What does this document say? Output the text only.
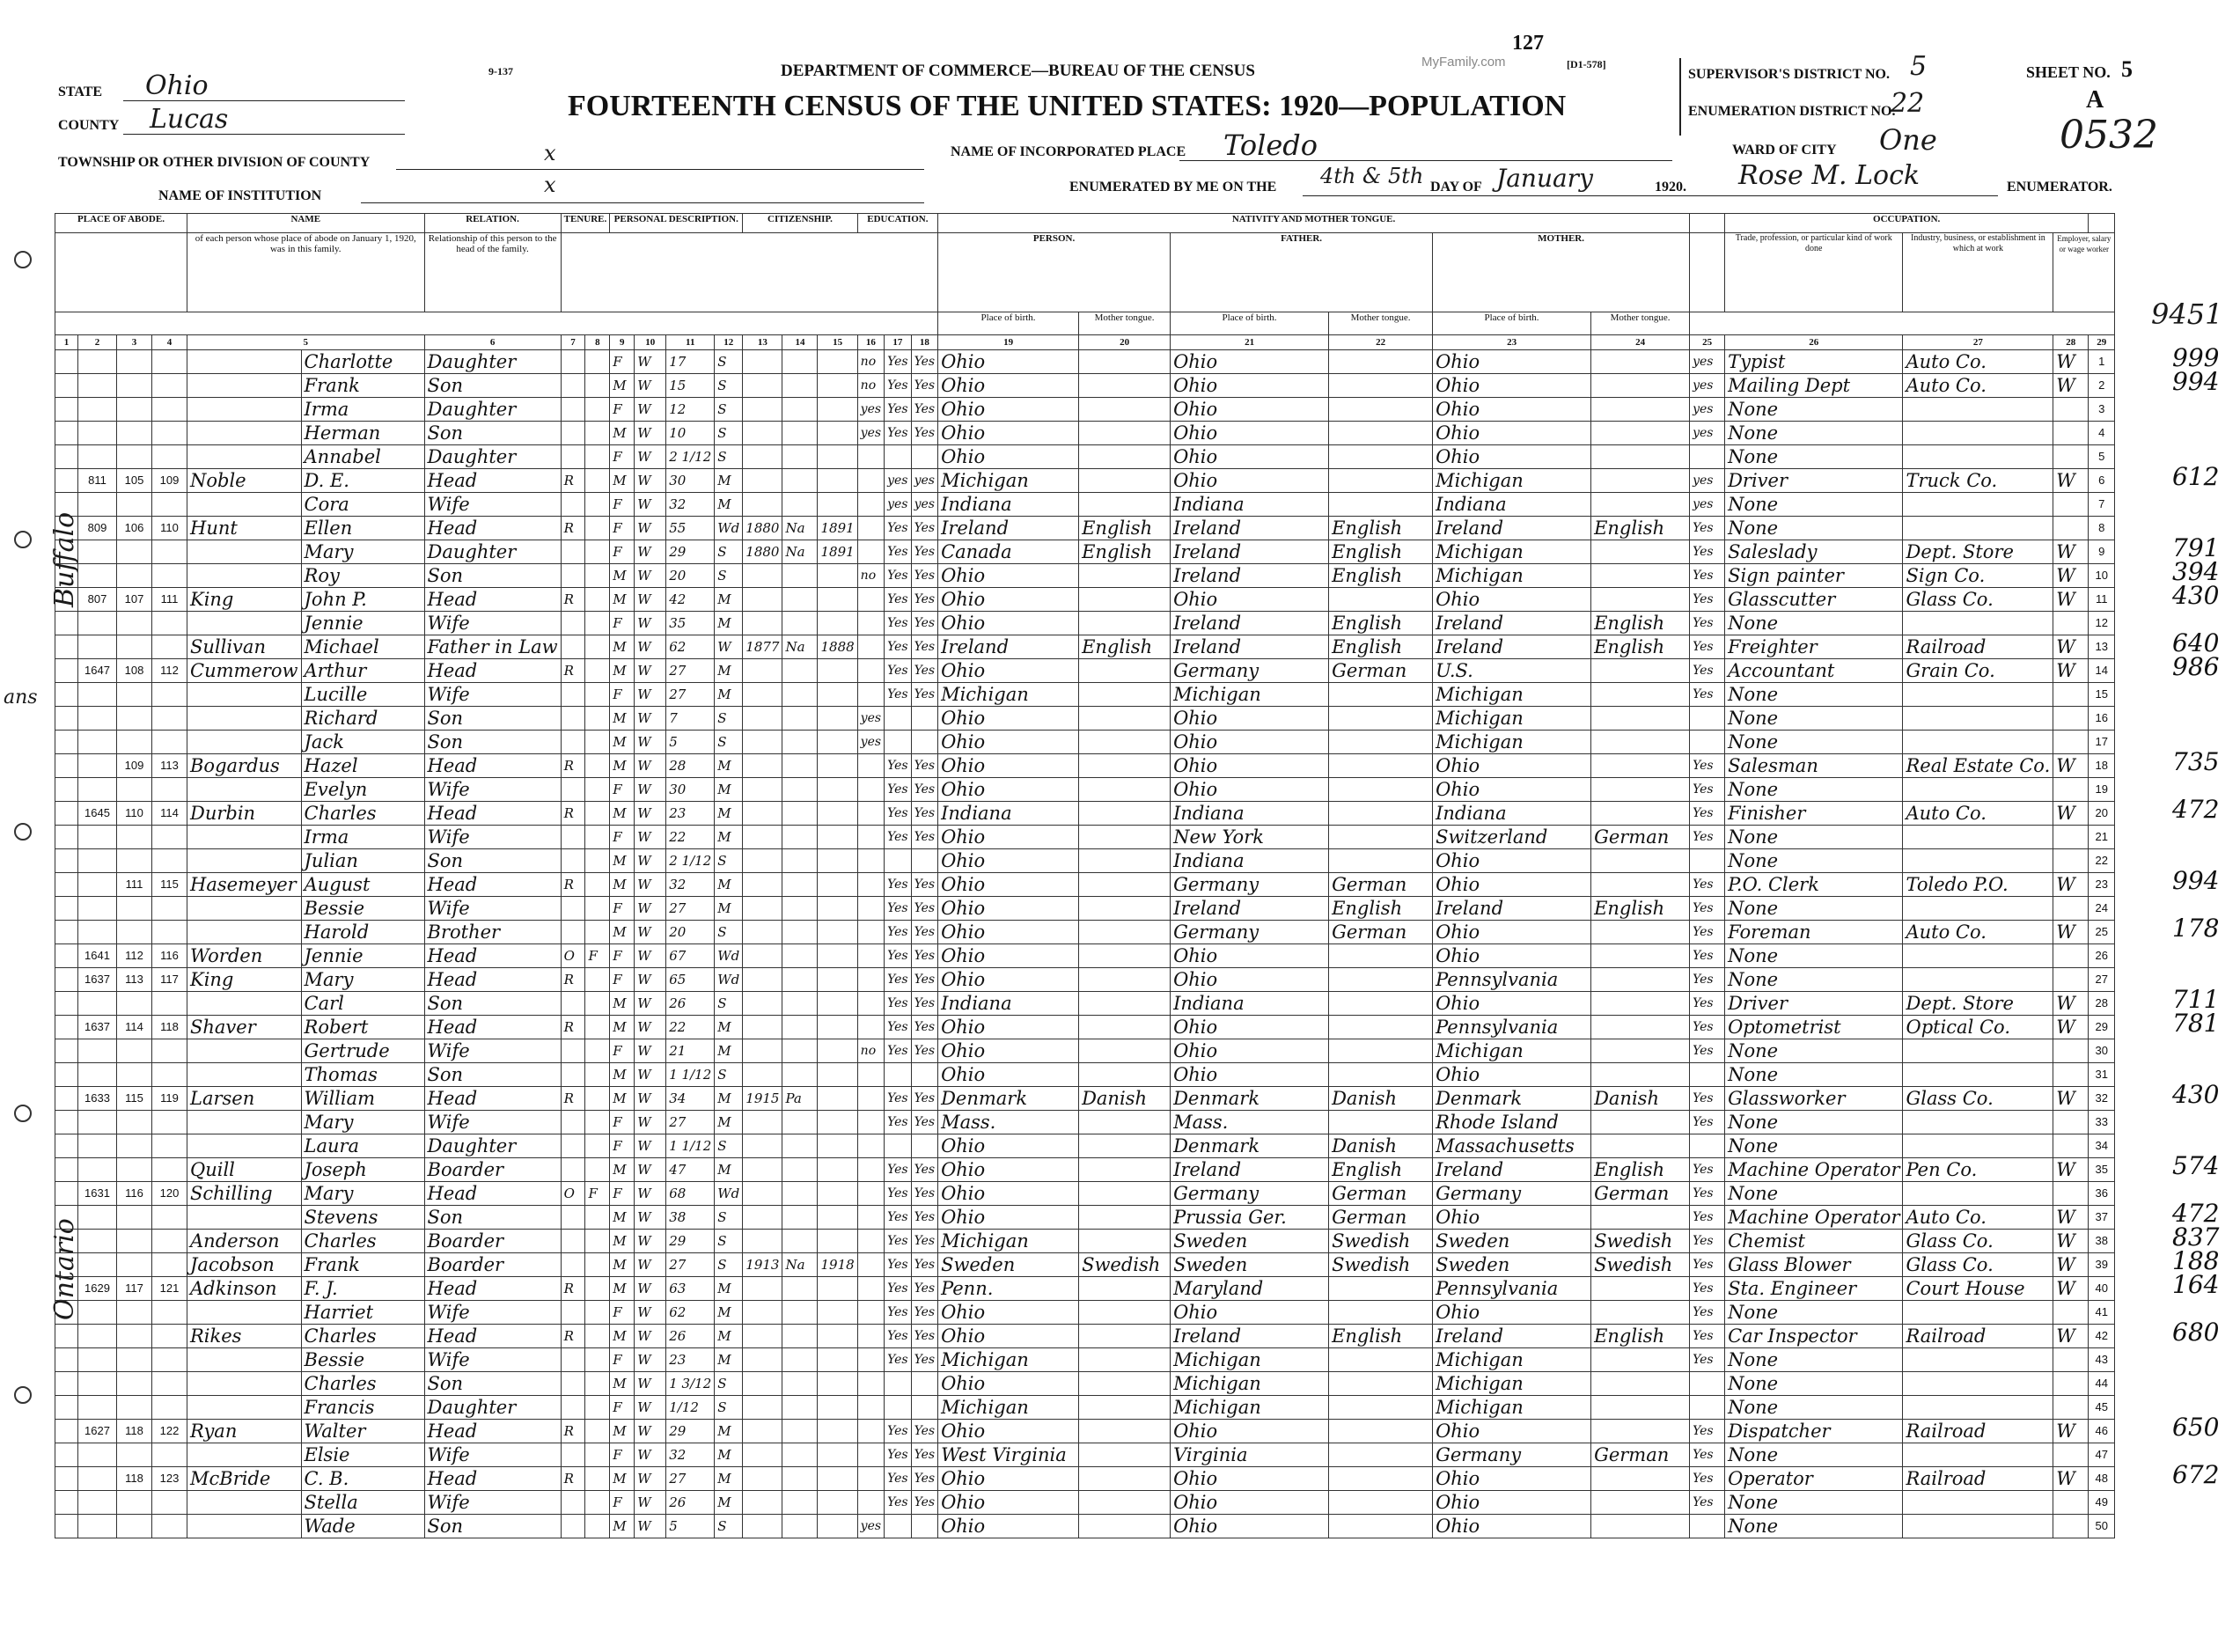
127
9-137	DEPARTMENT OF COMMERCE—BUREAU OF THE CENSUS	MyFamily.com	[D1-578]
FOURTEENTH CENSUS OF THE UNITED STATES: 1920—POPULATION
STATE Ohio
COUNTY Lucas
TOWNSHIP OR OTHER DIVISION OF COUNTY	x
NAME OF INSTITUTION	x
NAME OF INCORPORATED PLACE Toledo
ENUMERATED BY ME ON THE 4th & 5th DAY OF January	1920. Rose M. Lock	ENUMERATOR.
SUPERVISOR'S DISTRICT NO. 5
ENUMERATION DISTRICT NO.
22
SHEET NO. 5
A
0532
WARD OF CITY One
Buffalo
Ontario
ans
9451
PLACE OF ABODE.				NAME		RELATION.	TENURE.		PERSONAL DESCRIPTION.				CITIZENSHIP.			EDUCATION.			NATIVITY AND MOTHER TONGUE.							OCCUPATION.			
				of each person whose place of abode on January 1, 1920, was in this family.		Relationship of this person to the head of the family.													PERSON.		FATHER.		MOTHER.			Trade, profession, or particular kind of work done	Industry, business, or establishment in which at work	Employer, salary or wage worker	
																			Place of birth.	Mother tongue.	Place of birth.	Mother tongue.	Place of birth.	Mother tongue.					
1	2	3	4	5		6	7	8	9	10	11	12	13	14	15	16	17	18	19	20	21	22	23	24	25	26	27	28	29
					Charlotte	Daughter			F	W	17	S				no	Yes	Yes	Ohio		Ohio		Ohio		yes	Typist	Auto Co.	W	1
					Frank	Son			M	W	15	S				no	Yes	Yes	Ohio		Ohio		Ohio		yes	Mailing Dept	Auto Co.	W	2
					Irma	Daughter			F	W	12	S				yes	Yes	Yes	Ohio		Ohio		Ohio		yes	None			3
					Herman	Son			M	W	10	S				yes	Yes	Yes	Ohio		Ohio		Ohio		yes	None			4
					Annabel	Daughter			F	W	2 1/12	S							Ohio		Ohio		Ohio			None			5
	811	105	109	Noble	D. E.	Head	R		M	W	30	M					yes	yes	Michigan		Ohio		Michigan		yes	Driver	Truck Co.	W	6
					Cora	Wife			F	W	32	M					yes	yes	Indiana		Indiana		Indiana		yes	None			7
	809	106	110	Hunt	Ellen	Head	R		F	W	55	Wd	1880	Na	1891		Yes	Yes	Ireland	English	Ireland	English	Ireland	English	Yes	None			8
					Mary	Daughter			F	W	29	S	1880	Na	1891		Yes	Yes	Canada	English	Ireland	English	Michigan		Yes	Saleslady	Dept. Store	W	9
					Roy	Son			M	W	20	S				no	Yes	Yes	Ohio		Ireland	English	Michigan		Yes	Sign painter	Sign Co.	W	10
	807	107	111	King	John P.	Head	R		M	W	42	M					Yes	Yes	Ohio		Ohio		Ohio		Yes	Glasscutter	Glass Co.	W	11
					Jennie	Wife			F	W	35	M					Yes	Yes	Ohio		Ireland	English	Ireland	English	Yes	None			12
				Sullivan	Michael	Father in Law			M	W	62	W	1877	Na	1888		Yes	Yes	Ireland	English	Ireland	English	Ireland	English	Yes	Freighter	Railroad	W	13
	1647	108	112	Cummerow	Arthur	Head	R		M	W	27	M					Yes	Yes	Ohio		Germany	German	U.S.		Yes	Accountant	Grain Co.	W	14
					Lucille	Wife			F	W	27	M					Yes	Yes	Michigan		Michigan		Michigan		Yes	None			15
					Richard	Son			M	W	7	S				yes			Ohio		Ohio		Michigan			None			16
					Jack	Son			M	W	5	S				yes			Ohio		Ohio		Michigan			None			17
		109	113	Bogardus	Hazel	Head	R		M	W	28	M					Yes	Yes	Ohio		Ohio		Ohio		Yes	Salesman	Real Estate Co.	W	18
					Evelyn	Wife			F	W	30	M					Yes	Yes	Ohio		Ohio		Ohio		Yes	None			19
	1645	110	114	Durbin	Charles	Head	R		M	W	23	M					Yes	Yes	Indiana		Indiana		Indiana		Yes	Finisher	Auto Co.	W	20
					Irma	Wife			F	W	22	M					Yes	Yes	Ohio		New York		Switzerland	German	Yes	None			21
					Julian	Son			M	W	2 1/12	S							Ohio		Indiana		Ohio			None			22
		111	115	Hasemeyer	August	Head	R		M	W	32	M					Yes	Yes	Ohio		Germany	German	Ohio		Yes	P.O. Clerk	Toledo P.O.	W	23
					Bessie	Wife			F	W	27	M					Yes	Yes	Ohio		Ireland	English	Ireland	English	Yes	None			24
					Harold	Brother			M	W	20	S					Yes	Yes	Ohio		Germany	German	Ohio		Yes	Foreman	Auto Co.	W	25
	1641	112	116	Worden	Jennie	Head	O	F	F	W	67	Wd					Yes	Yes	Ohio		Ohio		Ohio		Yes	None			26
	1637	113	117	King	Mary	Head	R		F	W	65	Wd					Yes	Yes	Ohio		Ohio		Pennsylvania		Yes	None			27
					Carl	Son			M	W	26	S					Yes	Yes	Indiana		Indiana		Ohio		Yes	Driver	Dept. Store	W	28
	1637	114	118	Shaver	Robert	Head	R		M	W	22	M					Yes	Yes	Ohio		Ohio		Pennsylvania		Yes	Optometrist	Optical Co.	W	29
					Gertrude	Wife			F	W	21	M				no	Yes	Yes	Ohio		Ohio		Michigan		Yes	None			30
					Thomas	Son			M	W	1 1/12	S							Ohio		Ohio		Ohio			None			31
	1633	115	119	Larsen	William	Head	R		M	W	34	M	1915	Pa			Yes	Yes	Denmark	Danish	Denmark	Danish	Denmark	Danish	Yes	Glassworker	Glass Co.	W	32
					Mary	Wife			F	W	27	M					Yes	Yes	Mass.		Mass.		Rhode Island		Yes	None			33
					Laura	Daughter			F	W	1 1/12	S							Ohio		Denmark	Danish	Massachusetts			None			34
				Quill	Joseph	Boarder			M	W	47	M					Yes	Yes	Ohio		Ireland	English	Ireland	English	Yes	Machine Operator	Pen Co.	W	35
	1631	116	120	Schilling	Mary	Head	O	F	F	W	68	Wd					Yes	Yes	Ohio		Germany	German	Germany	German	Yes	None			36
					Stevens	Son			M	W	38	S					Yes	Yes	Ohio		Prussia Ger.	German	Ohio		Yes	Machine Operator	Auto Co.	W	37
				Anderson	Charles	Boarder			M	W	29	S					Yes	Yes	Michigan		Sweden	Swedish	Sweden	Swedish	Yes	Chemist	Glass Co.	W	38
				Jacobson	Frank	Boarder			M	W	27	S	1913	Na	1918		Yes	Yes	Sweden	Swedish	Sweden	Swedish	Sweden	Swedish	Yes	Glass Blower	Glass Co.	W	39
	1629	117	121	Adkinson	F. J.	Head	R		M	W	63	M					Yes	Yes	Penn.		Maryland		Pennsylvania		Yes	Sta. Engineer	Court House	W	40
					Harriet	Wife			F	W	62	M					Yes	Yes	Ohio		Ohio		Ohio		Yes	None			41
				Rikes	Charles	Head	R		M	W	26	M					Yes	Yes	Ohio		Ireland	English	Ireland	English	Yes	Car Inspector	Railroad	W	42
					Bessie	Wife			F	W	23	M					Yes	Yes	Michigan		Michigan		Michigan		Yes	None			43
					Charles	Son			M	W	1 3/12	S							Ohio		Michigan		Michigan			None			44
					Francis	Daughter			F	W	1/12	S							Michigan		Michigan		Michigan			None			45
	1627	118	122	Ryan	Walter	Head	R		M	W	29	M					Yes	Yes	Ohio		Ohio		Ohio		Yes	Dispatcher	Railroad	W	46
					Elsie	Wife			F	W	32	M					Yes	Yes	West Virginia		Virginia		Germany	German	Yes	None			47
		118	123	McBride	C. B.	Head	R		M	W	27	M					Yes	Yes	Ohio		Ohio		Ohio		Yes	Operator	Railroad	W	48
					Stella	Wife			F	W	26	M					Yes	Yes	Ohio		Ohio		Ohio		Yes	None			49
					Wade	Son			M	W	5	S				yes			Ohio		Ohio		Ohio			None			50
999
994
612
791
394
430
640
986
735
472
994
178
711
781
430
574
472
837
188
164
680
650
672
